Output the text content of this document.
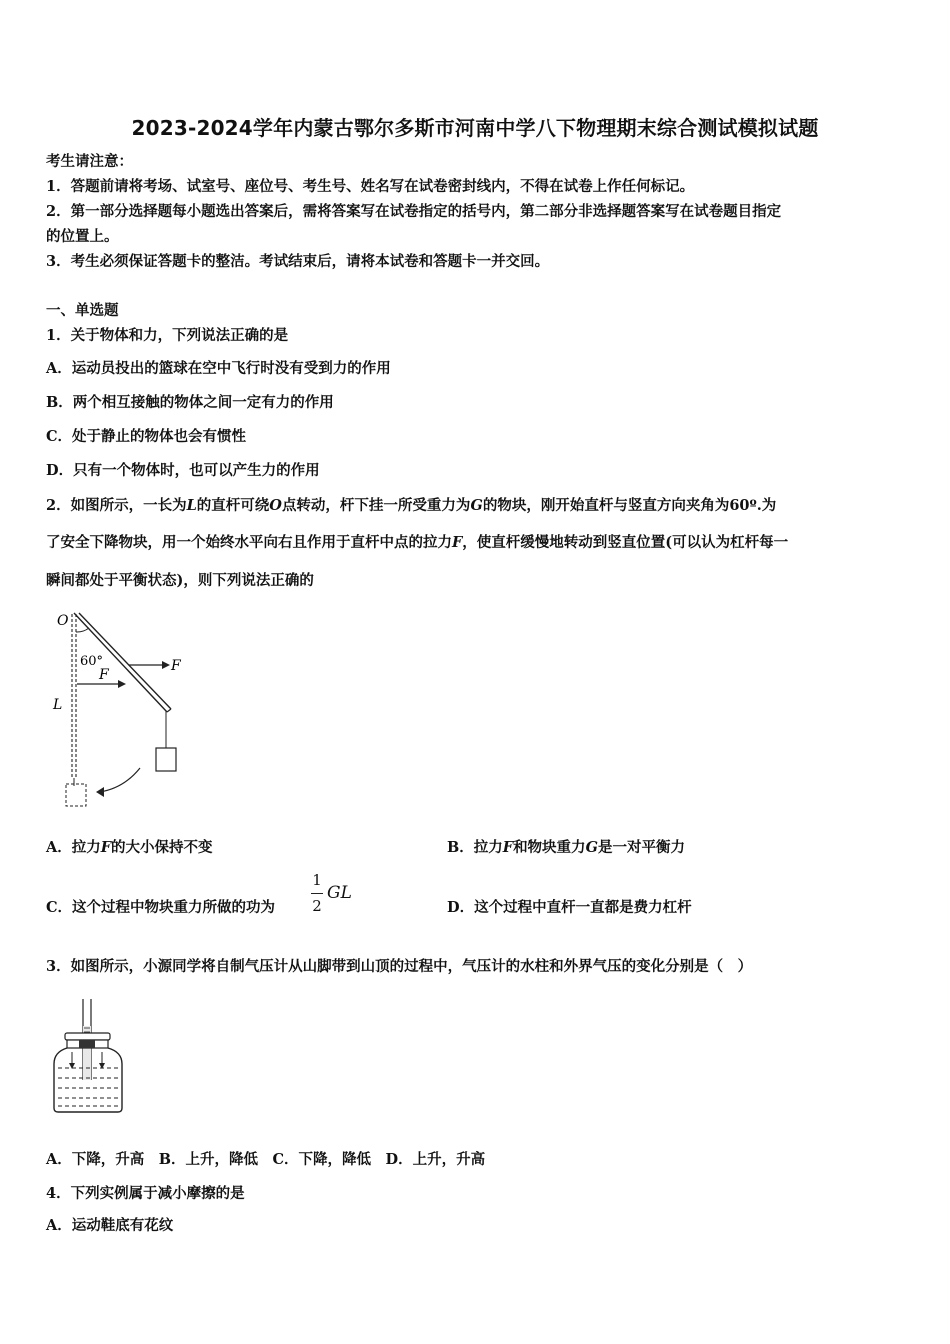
2023-2024学年内蒙古鄂尔多斯市河南中学八下物理期末综合测试模拟试题
考生请注意：
1．答题前请将考场、试室号、座位号、考生号、姓名写在试卷密封线内，不得在试卷上作任何标记。
2．第一部分选择题每小题选出答案后，需将答案写在试卷指定的括号内，第二部分非选择题答案写在试卷题目指定
的位置上。
3．考生必须保证答题卡的整洁。考试结束后，请将本试卷和答题卡一并交回。
一、单选题
1．关于物体和力，下列说法正确的是
A．运动员投出的篮球在空中飞行时没有受到力的作用
B．两个相互接触的物体之间一定有力的作用
C．处于静止的物体也会有惯性
D．只有一个物体时，也可以产生力的作用
2．如图所示，一长为L的直杆可绕O点转动，杆下挂一所受重力为G的物块，刚开始直杆与竖直方向夹角为60º.为
了安全下降物块，用一个始终水平向右且作用于直杆中点的拉力F，使直杆缓慢地转动到竖直位置(可以认为杠杆每一
瞬间都处于平衡状态)，则下列说法正确的
O
60°	F
F
L
A．拉力F的大小保持不变	B．拉力F和物块重力G是一对平衡力
C．这个过程中物块重力所做的功为
1
2
GL
D．这个过程中直杆一直都是费力杠杆
3．如图所示，小源同学将自制气压计从山脚带到山顶的过程中，气压计的水柱和外界气压的变化分别是（　）
A．下降，升高　B．上升，降低　C．下降，降低　D．上升，升高
4．下列实例属于减小摩擦的是
A．运动鞋底有花纹
